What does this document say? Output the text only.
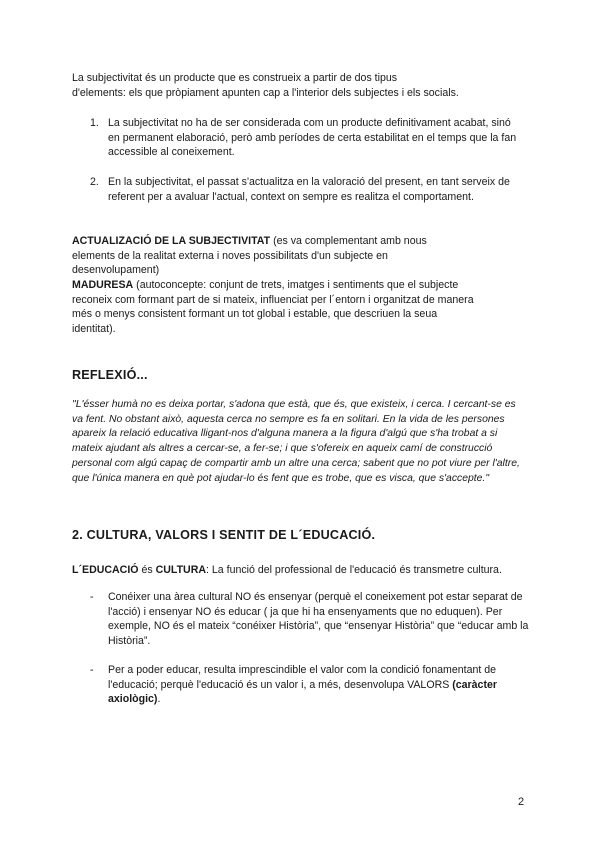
La subjectivitat és un producte que es construeix a partir de dos tipus
d'elements: els que pròpiament apunten cap a l'interior dels subjectes i els socials.

1. La subjectivitat no ha de ser considerada com un producte definitivament acabat, sinó en permanent elaboració, però amb períodes de certa estabilitat en el temps que la fan accessible al coneixement.
2. En la subjectivitat, el passat s'actualitza en la valoració del present, en tant serveix de referent per a avaluar l'actual, context on sempre es realitza el comportament.

ACTUALIZACIÓ DE LA SUBJECTIVITAT (es va complementant amb nous elements de la realitat externa i noves possibilitats d'un subjecte en desenvolupament)

MADURESA (autoconcepte: conjunt de trets, imatges i sentiments que el subjecte reconeix com formant part de si mateix, influenciat per l´entorn i organitzat de manera més o menys consistent formant un tot global i estable, que descriuen la seua identitat).

REFLEXIÓ...

"L'ésser humà no es deixa portar, s'adona que està, que és, que existeix, i cerca. I cercant-se es va fent. No obstant això, aquesta cerca no sempre es fa en solitari. En la vida de les persones apareix la relació educativa lligant-nos d'alguna manera a la figura d'algú que s'ha trobat a si mateix ajudant als altres a cercar-se, a fer-se; i que s'ofereix en aqueix camí de construcció personal com algú capaç de compartir amb un altre una cerca; sabent que no pot viure per l'altre, que l'única manera en què pot ajudar-lo és fent que es trobe, que es visca, que s'accepte."

2. CULTURA, VALORS I SENTIT DE L´EDUCACIÓ.

L´EDUCACIÓ és CULTURA: La funció del professional de l'educació és transmetre cultura.

- Conéixer una àrea cultural NO és ensenyar (perquè el coneixement pot estar separat de l'acció) i ensenyar NO és educar ( ja que hi ha ensenyaments que no eduquen). Per exemple, NO és el mateix “conéixer Història”, que “ensenyar Història” que “educar amb la Història”.
- Per a poder educar, resulta imprescindible el valor com la condició fonamentant de l'educació; perquè l'educació és un valor i, a més, desenvolupa VALORS (caràcter axiològic).
2
